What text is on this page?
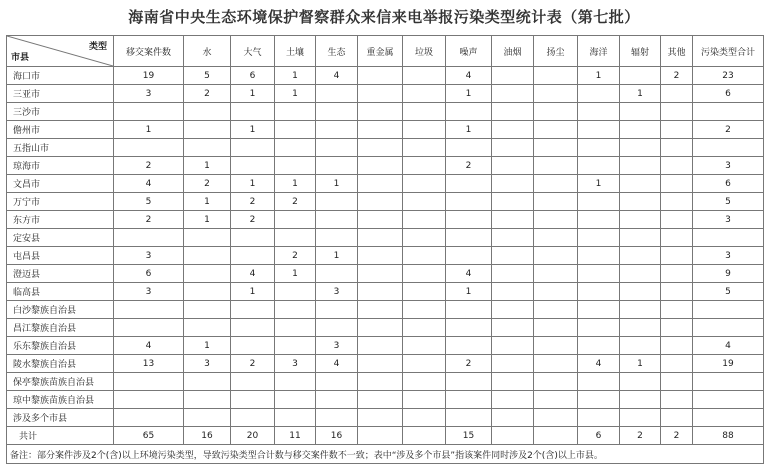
海南省中央生态环境保护督察群众来信来电举报污染类型统计表（第七批）
类型
市县	移交案件数	水	大气	土壤	生态	重金属	垃圾	噪声	油烟	扬尘	海洋	辐射	其他	污染类型合计
海口市	19	5	6	1	4			4			1		2	23
三亚市	3	2	1	1				1				1		6
三沙市														
儋州市	1		1					1						2
五指山市														
琼海市	2	1						2						3
文昌市	4	2	1	1	1						1			6
万宁市	5	1	2	2										5
东方市	2	1	2											3
定安县														
屯昌县	3			2	1									3
澄迈县	6		4	1				4						9
临高县	3		1		3			1						5
白沙黎族自治县														
昌江黎族自治县														
乐东黎族自治县	4	1			3									4
陵水黎族自治县	13	3	2	3	4			2			4	1		19
保亭黎族苗族自治县														
琼中黎族苗族自治县														
涉及多个市县														
共计	65	16	20	11	16			15			6	2	2	88
备注：部分案件涉及2个(含)以上环境污染类型，导致污染类型合计数与移交案件数不一致；表中“涉及多个市县”指该案件同时涉及2个(含)以上市县。														
